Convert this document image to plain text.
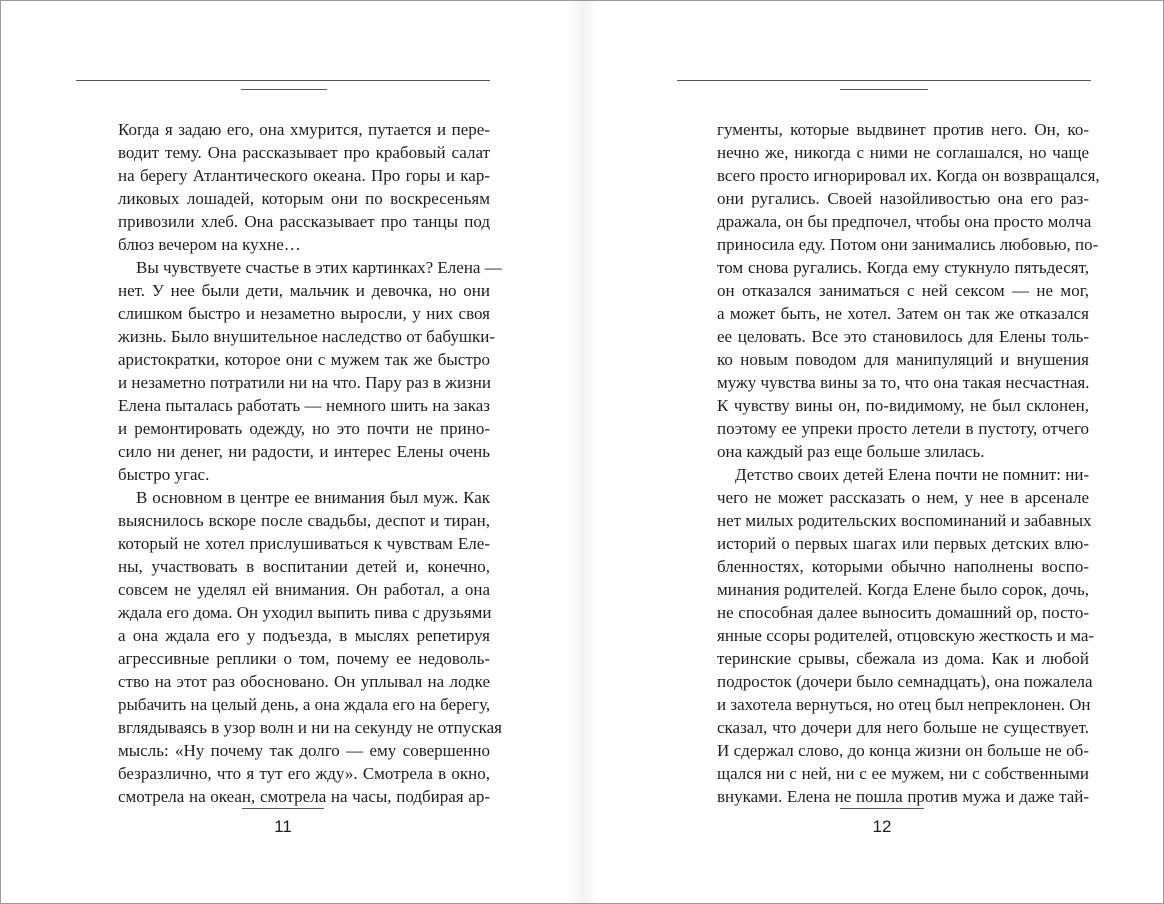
Когда я задаю его, она хмурится, путается и пере-
водит тему. Она рассказывает про крабовый салат
на берегу Атлантического океана. Про горы и кар-
ликовых лошадей, которым они по воскресеньям
привозили хлеб. Она рассказывает про танцы под
блюз вечером на кухне…
Вы чувствуете счастье в этих картинках? Елена —
нет. У нее были дети, мальчик и девочка, но они
слишком быстро и незаметно выросли, у них своя
жизнь. Было внушительное наследство от бабушки-
аристократки, которое они с мужем так же быстро
и незаметно потратили ни на что. Пару раз в жизни
Елена пыталась работать — немного шить на заказ
и ремонтировать одежду, но это почти не прино-
сило ни денег, ни радости, и интерес Елены очень
быстро угас.
В основном в центре ее внимания был муж. Как
выяснилось вскоре после свадьбы, деспот и тиран,
который не хотел прислушиваться к чувствам Еле-
ны, участвовать в воспитании детей и, конечно,
совсем не уделял ей внимания. Он работал, а она
ждала его дома. Он уходил выпить пива с друзьями
а она ждала его у подъезда, в мыслях репетируя
агрессивные реплики о том, почему ее недоволь-
ство на этот раз обосновано. Он уплывал на лодке
рыбачить на целый день, а она ждала его на берегу,
вглядываясь в узор волн и ни на секунду не отпуская
мысль: «Ну почему так долго — ему совершенно
безразлично, что я тут его жду». Смотрела в окно,
смотрела на океан, смотрела на часы, подбирая ар-
11
гументы, которые выдвинет против него. Он, ко-
нечно же, никогда с ними не соглашался, но чаще
всего просто игнорировал их. Когда он возвращался,
они ругались. Своей назойливостью она его раз-
дражала, он бы предпочел, чтобы она просто молча
приносила еду. Потом они занимались любовью, по-
том снова ругались. Когда ему стукнуло пятьдесят,
он отказался заниматься с ней сексом — не мог,
а может быть, не хотел. Затем он так же отказался
ее целовать. Все это становилось для Елены толь-
ко новым поводом для манипуляций и внушения
мужу чувства вины за то, что она такая несчастная.
К чувству вины он, по-видимому, не был склонен,
поэтому ее упреки просто летели в пустоту, отчего
она каждый раз еще больше злилась.
Детство своих детей Елена почти не помнит: ни-
чего не может рассказать о нем, у нее в арсенале
нет милых родительских воспоминаний и забавных
историй о первых шагах или первых детских влю-
бленностях, которыми обычно наполнены воспо-
минания родителей. Когда Елене было сорок, дочь,
не способная далее выносить домашний ор, посто-
янные ссоры родителей, отцовскую жесткость и ма-
теринские срывы, сбежала из дома. Как и любой
подросток (дочери было семнадцать), она пожалела
и захотела вернуться, но отец был непреклонен. Он
сказал, что дочери для него больше не существует.
И сдержал слово, до конца жизни он больше не об-
щался ни с ней, ни с ее мужем, ни с собственными
внуками. Елена не пошла против мужа и даже тай-
12
